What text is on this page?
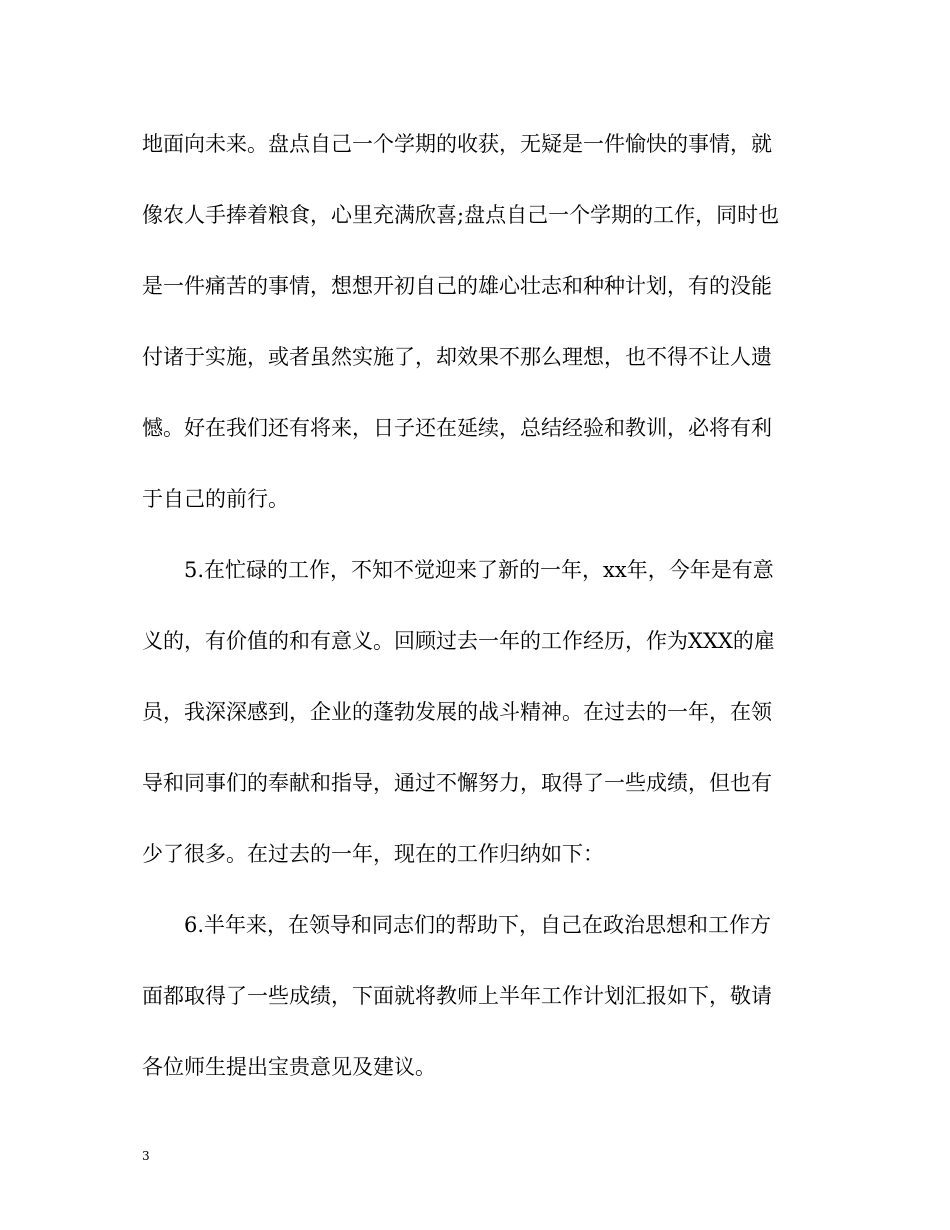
地面向未来。盘点自己一个学期的收获，无疑是一件愉快的事情，就
像农人手捧着粮食，心里充满欣喜;盘点自己一个学期的工作，同时也
是一件痛苦的事情，想想开初自己的雄心壮志和种种计划，有的没能
付诸于实施，或者虽然实施了，却效果不那么理想，也不得不让人遗
憾。好在我们还有将来，日子还在延续，总结经验和教训，必将有利
于自己的前行。
5.在忙碌的工作，不知不觉迎来了新的一年，xx年，今年是有意
义的，有价值的和有意义。回顾过去一年的工作经历，作为XXX的雇
员，我深深感到，企业的蓬勃发展的战斗精神。在过去的一年，在领
导和同事们的奉献和指导，通过不懈努力，取得了一些成绩，但也有
少了很多。在过去的一年，现在的工作归纳如下：
6.半年来，在领导和同志们的帮助下，自己在政治思想和工作方
面都取得了一些成绩，下面就将教师上半年工作计划汇报如下，敬请
各位师生提出宝贵意见及建议。
3
